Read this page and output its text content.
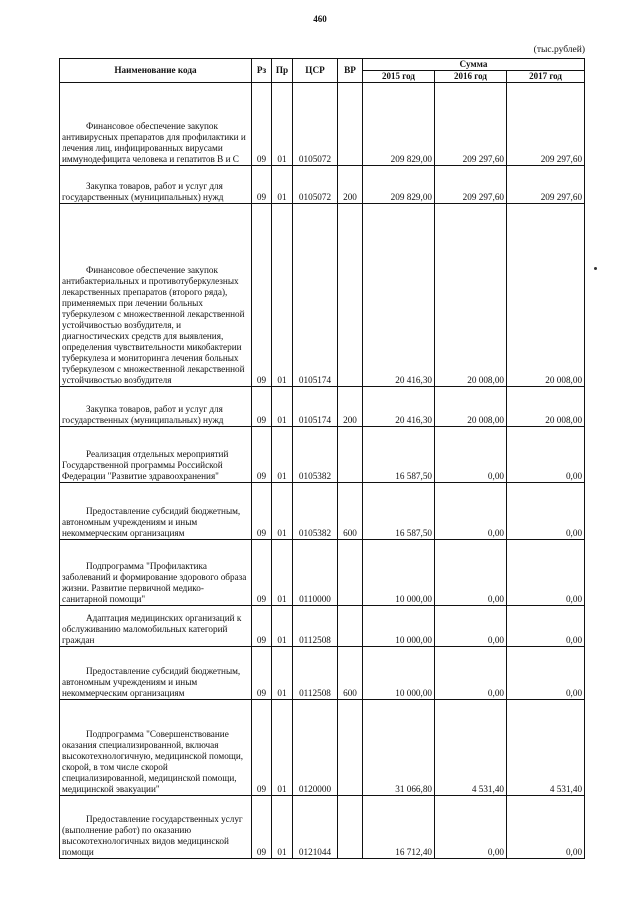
460
(тыс.рублей)
Наименование кода	Рз	Пр	ЦСР	ВР	Сумма		
					2015 год	2016 год	2017 год
Финансовое обеспечение закупок антивирусных препаратов для профилактики и лечения лиц, инфицированных вирусами иммунодефицита человека и гепатитов В и С	09	01	0105072		209 829,00	209 297,60	209 297,60
Закупка товаров, работ и услуг для государственных (муниципальных) нужд	09	01	0105072	200	209 829,00	209 297,60	209 297,60
Финансовое обеспечение закупок антибактериальных и противотуберкулезных лекарственных препаратов (второго ряда), применяемых при лечении больных туберкулезом с множественной лекарственной устойчивостью возбудителя, и диагностических средств для выявления, определения чувствительности микобактерии туберкулеза и мониторинга лечения больных туберкулезом с множественной лекарственной устойчивостью возбудителя	09	01	0105174		20 416,30	20 008,00	20 008,00
Закупка товаров, работ и услуг для государственных (муниципальных) нужд	09	01	0105174	200	20 416,30	20 008,00	20 008,00
Реализация отдельных мероприятий Государственной программы Российской Федерации "Развитие здравоохранения"	09	01	0105382		16 587,50	0,00	0,00
Предоставление субсидий бюджетным, автономным учреждениям и иным некоммерческим организациям	09	01	0105382	600	16 587,50	0,00	0,00
Подпрограмма "Профилактика заболеваний и формирование здорового образа жизни. Развитие первичной медико-санитарной помощи"	09	01	0110000		10 000,00	0,00	0,00
Адаптация медицинских организаций к обслуживанию маломобильных категорий граждан	09	01	0112508		10 000,00	0,00	0,00
Предоставление субсидий бюджетным, автономным учреждениям и иным некоммерческим организациям	09	01	0112508	600	10 000,00	0,00	0,00
Подпрограмма "Совершенствование оказания специализированной, включая высокотехнологичную, медицинской помощи, скорой, в том числе скорой специализированной, медицинской помощи, медицинской эвакуации"	09	01	0120000		31 066,80	4 531,40	4 531,40
Предоставление государственных услуг (выполнение работ) по оказанию высокотехнологичных видов медицинской помощи	09	01	0121044		16 712,40	0,00	0,00
